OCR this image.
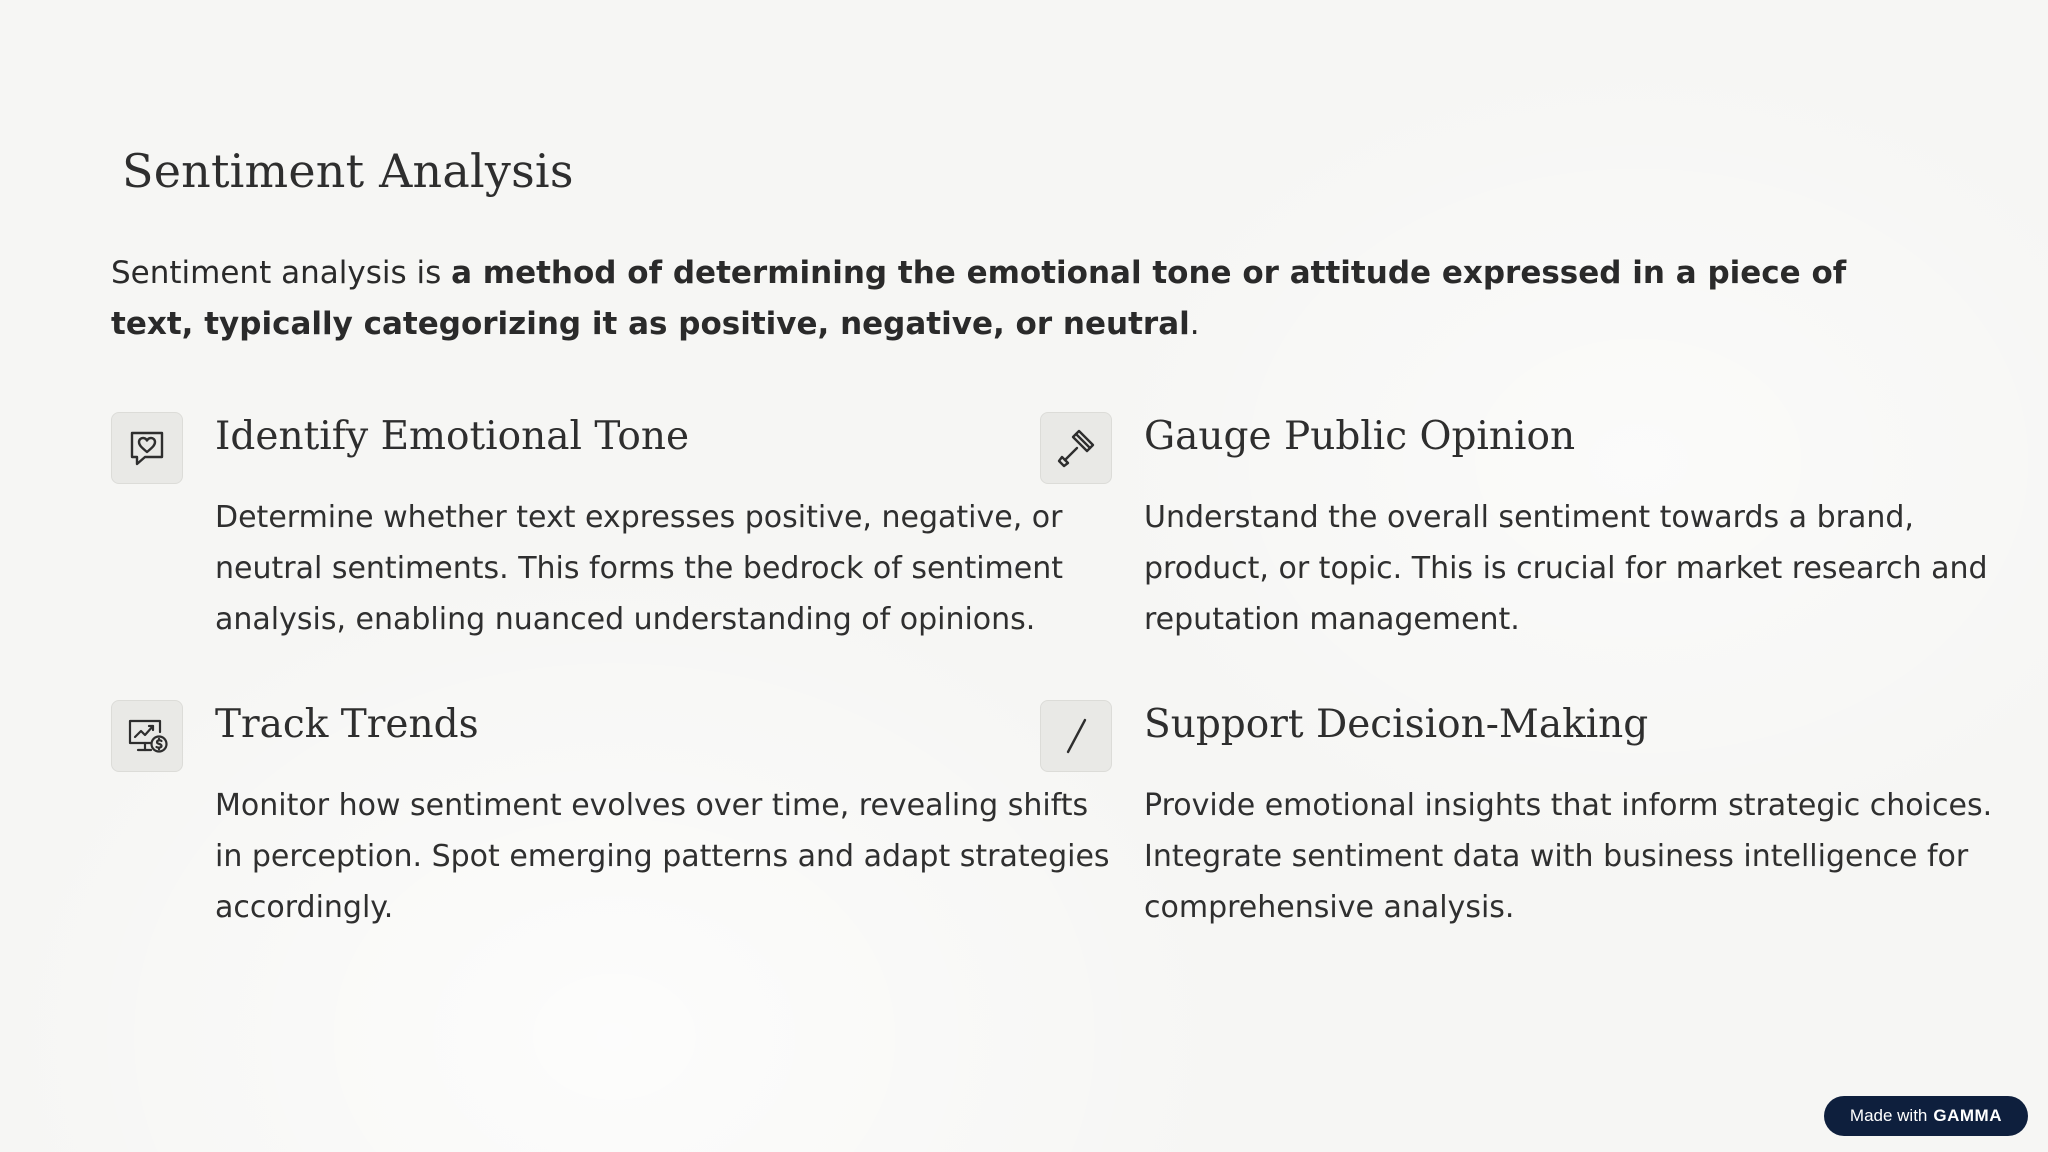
Sentiment Analysis

Sentiment analysis is a method of determining the emotional tone or attitude expressed in a piece of text, typically categorizing it as positive, negative, or neutral.

Identify Emotional Tone

Determine whether text expresses positive, negative, or neutral sentiments. This forms the bedrock of sentiment analysis, enabling nuanced understanding of opinions.

Gauge Public Opinion

Understand the overall sentiment towards a brand, product, or topic. This is crucial for market research and reputation management.

Track Trends

Monitor how sentiment evolves over time, revealing shifts in perception. Spot emerging patterns and adapt strategies accordingly.

Support Decision-Making

Provide emotional insights that inform strategic choices. Integrate sentiment data with business intelligence for comprehensive analysis.

Made with GAMMA
